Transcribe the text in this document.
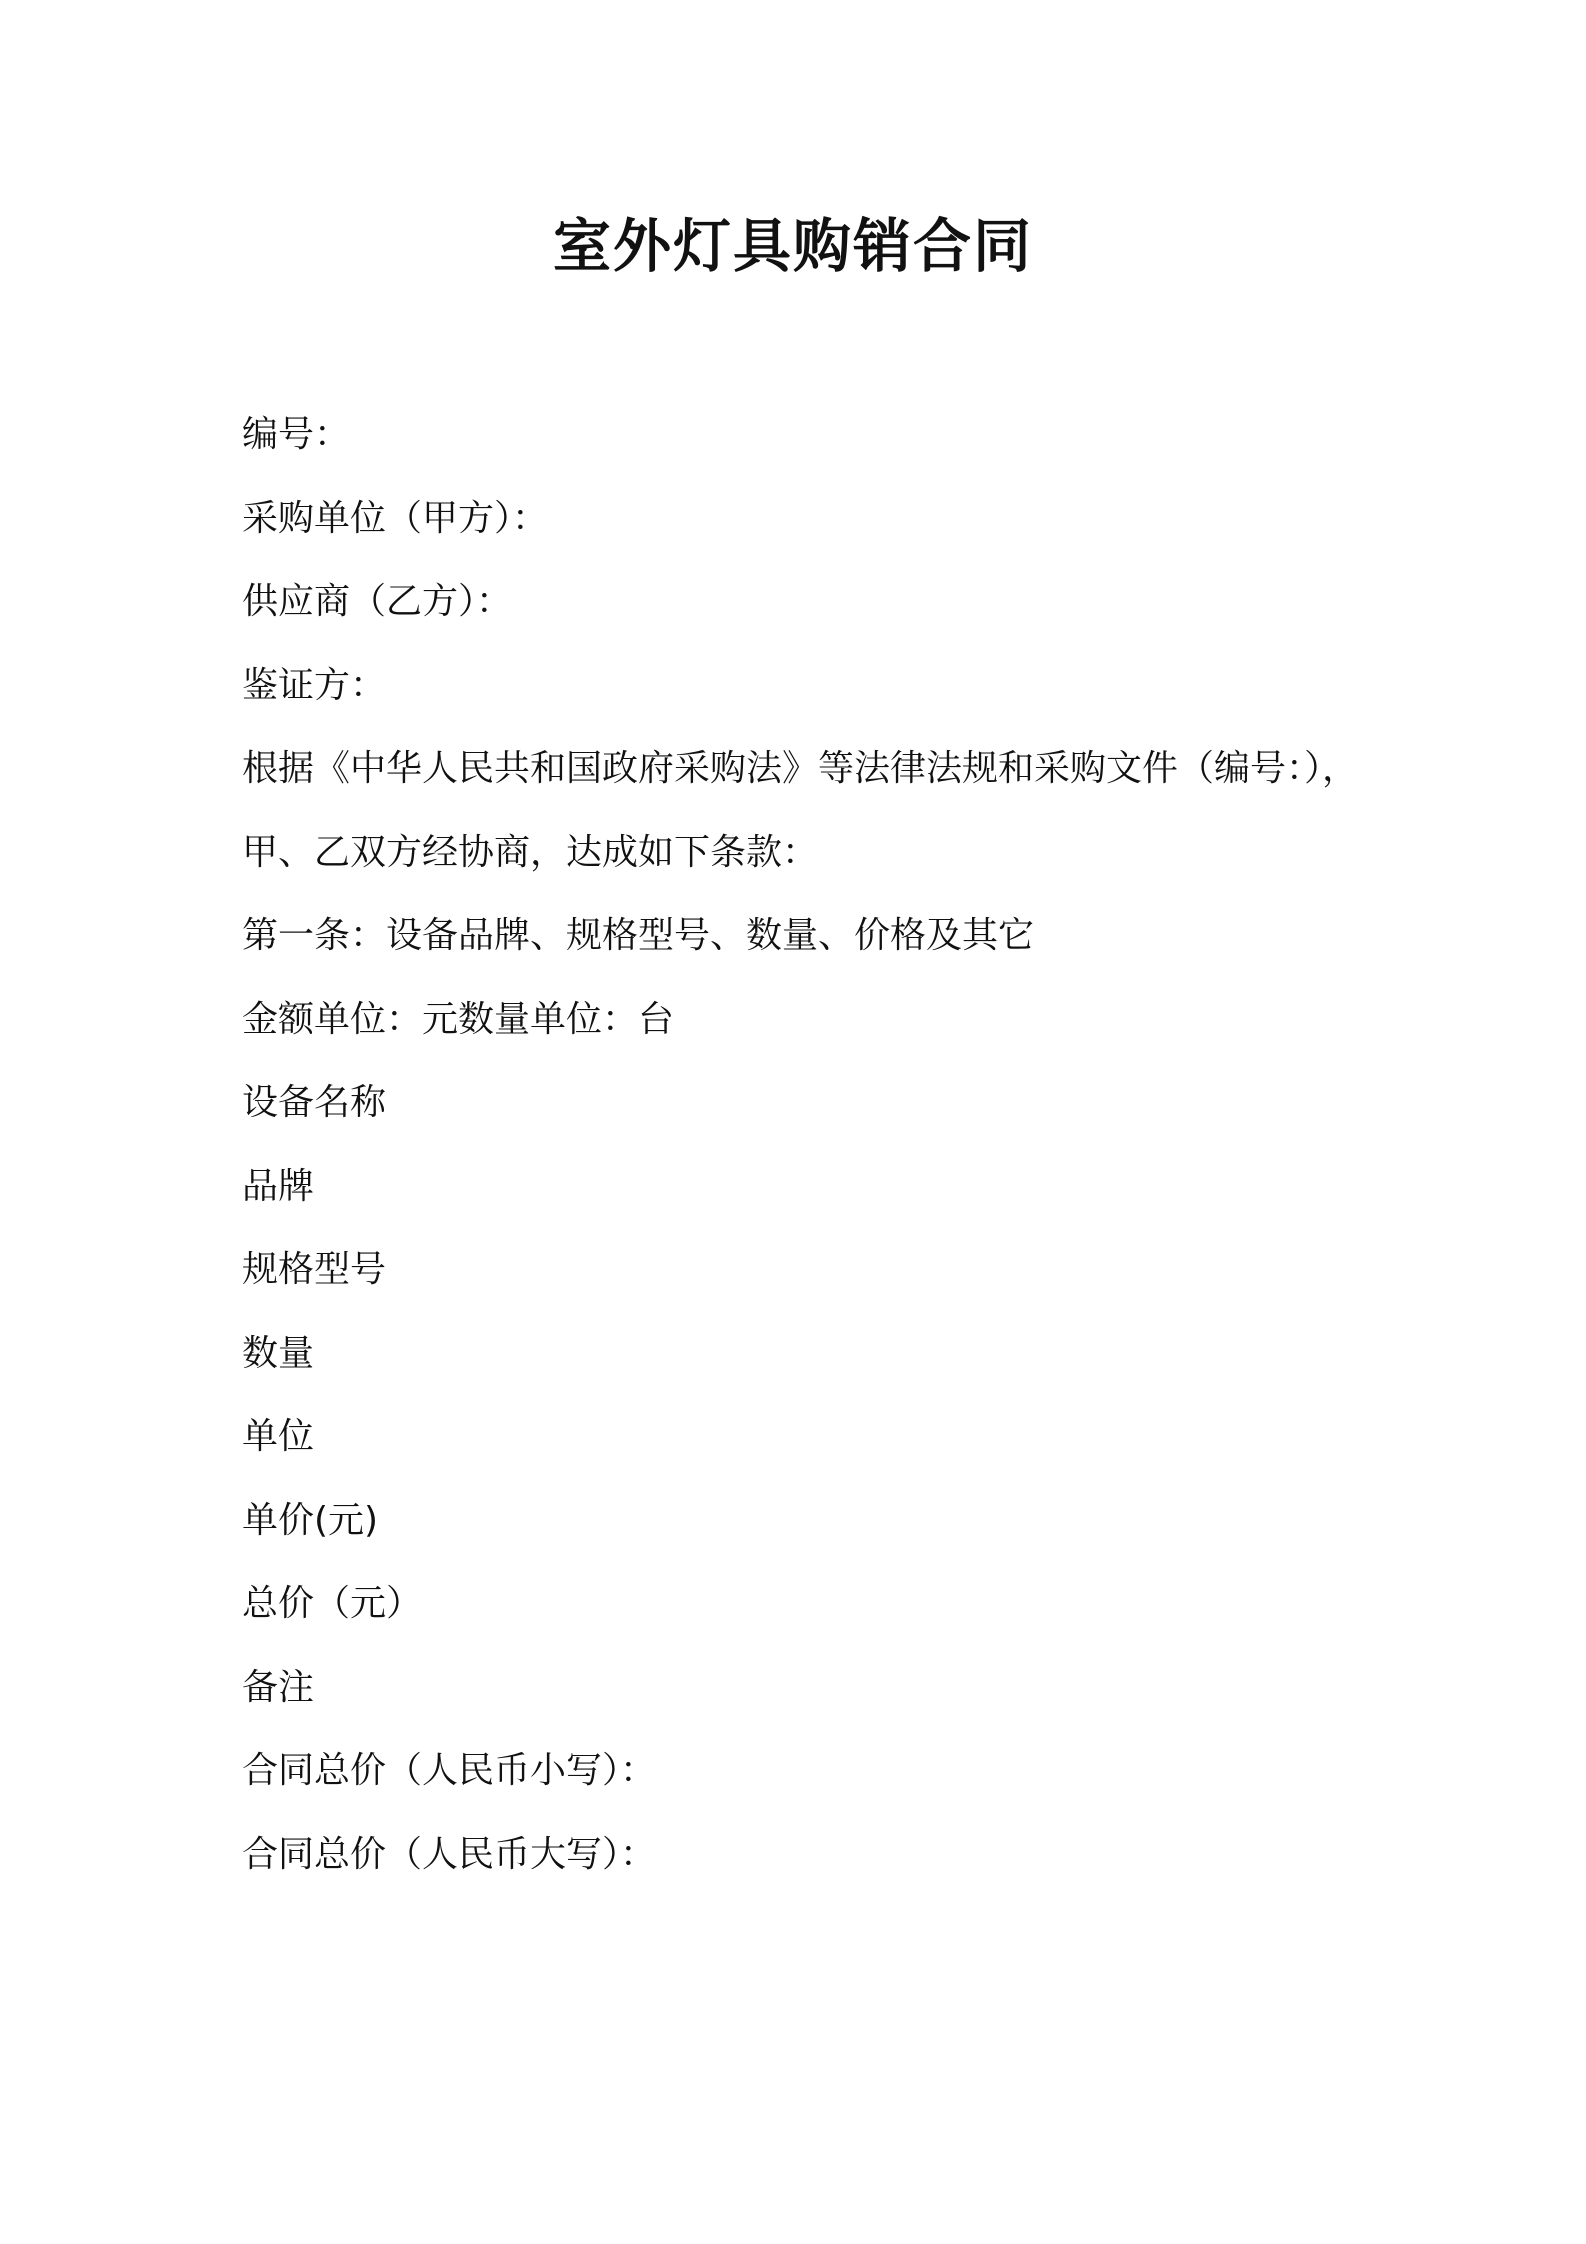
室外灯具购销合同
编号：
采购单位（甲方）：
供应商（乙方）：
鉴证方：
根据《中华人民共和国政府采购法》等法律法规和采购文件（编号：），
甲、乙双方经协商，达成如下条款：
第一条：设备品牌、规格型号、数量、价格及其它
金额单位：元数量单位：台
设备名称
品牌
规格型号
数量
单位
单价(元)
总价（元）
备注
合同总价（人民币小写）：
合同总价（人民币大写）：
